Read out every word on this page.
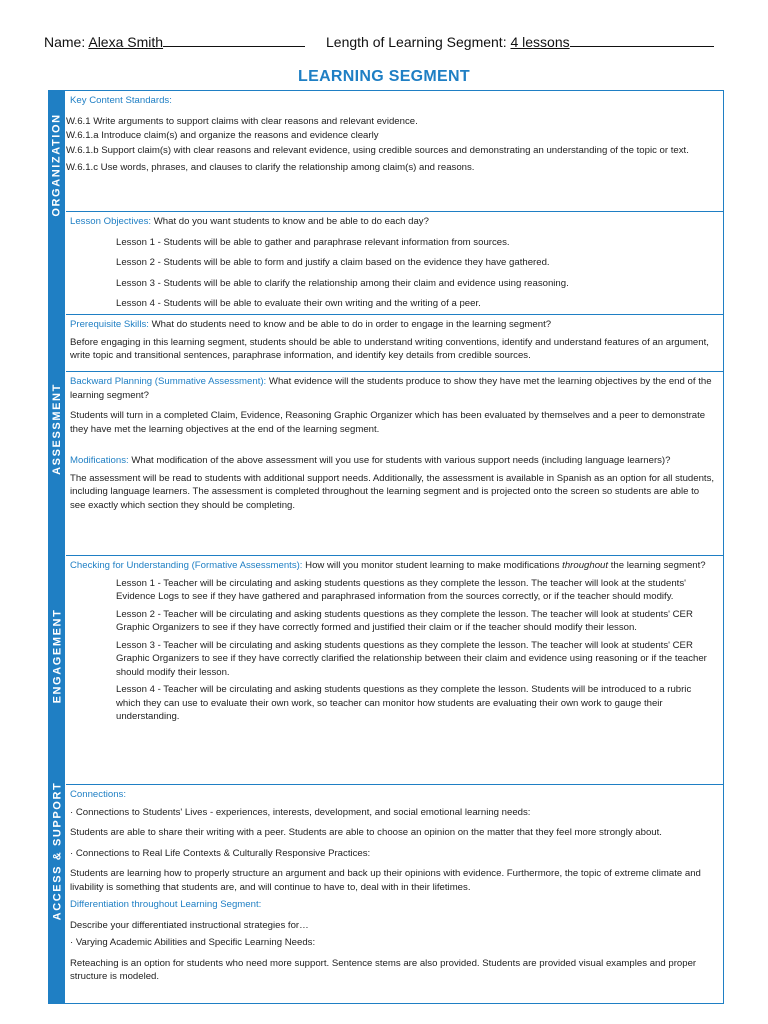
Name: Alexa Smith	Length of Learning Segment: 4 lessons
LEARNING SEGMENT
ORGANIZATION
ASSESSMENT
ENGAGEMENT
ACCESS & SUPPORT

Key Content Standards:

W.6.1 Write arguments to support claims with clear reasons and relevant evidence.

W.6.1.a Introduce claim(s) and organize the reasons and evidence clearly

W.6.1.b Support claim(s) with clear reasons and relevant evidence, using credible sources and demonstrating an understanding of the topic or text.

W.6.1.c Use words, phrases, and clauses to clarify the relationship among claim(s) and reasons.

Lesson Objectives: What do you want students to know and be able to do each day?

Lesson 1 - Students will be able to gather and paraphrase relevant information from sources.

Lesson 2 - Students will be able to form and justify a claim based on the evidence they have gathered.

Lesson 3 - Students will be able to clarify the relationship among their claim and evidence using reasoning.

Lesson 4 - Students will be able to evaluate their own writing and the writing of a peer.

Prerequisite Skills: What do students need to know and be able to do in order to engage in the learning segment?

Before engaging in this learning segment, students should be able to understand writing conventions, identify and understand features of an argument, write topic and transitional sentences, paraphrase information, and identify key details from credible sources.

Backward Planning (Summative Assessment): What evidence will the students produce to show they have met the learning objectives by the end of the learning segment?

Students will turn in a completed Claim, Evidence, Reasoning Graphic Organizer which has been evaluated by themselves and a peer to demonstrate they have met the learning objectives at the end of the learning segment.

Modifications: What modification of the above assessment will you use for students with various support needs (including language learners)?

The assessment will be read to students with additional support needs. Additionally, the assessment is available in Spanish as an option for all students, including language learners. The assessment is completed throughout the learning segment and is projected onto the screen so students are able to see exactly which section they should be completing.

Checking for Understanding (Formative Assessments): How will you monitor student learning to make modifications throughout the learning segment?

Lesson 1 - Teacher will be circulating and asking students questions as they complete the lesson. The teacher will look at the students' Evidence Logs to see if they have gathered and paraphrased information from the sources correctly, or if the teacher should modify.

Lesson 2 - Teacher will be circulating and asking students questions as they complete the lesson. The teacher will look at students' CER Graphic Organizers to see if they have correctly formed and justified their claim or if the teacher should modify their lesson.

Lesson 3 - Teacher will be circulating and asking students questions as they complete the lesson. The teacher will look at students' CER Graphic Organizers to see if they have correctly clarified the relationship between their claim and evidence using reasoning or if the teacher should modify their lesson.

Lesson 4 - Teacher will be circulating and asking students questions as they complete the lesson. Students will be introduced to a rubric which they can use to evaluate their own work, so teacher can monitor how students are evaluating their own work to gauge their understanding.

Connections:

· Connections to Students' Lives - experiences, interests, development, and social emotional learning needs:

Students are able to share their writing with a peer. Students are able to choose an opinion on the matter that they feel more strongly about.

· Connections to Real Life Contexts & Culturally Responsive Practices:

Students are learning how to properly structure an argument and back up their opinions with evidence. Furthermore, the topic of extreme climate and livability is something that students are, and will continue to have to, deal with in their lifetimes.

Differentiation throughout Learning Segment:

Describe your differentiated instructional strategies for…

· Varying Academic Abilities and Specific Learning Needs:

Reteaching is an option for students who need more support. Sentence stems are also provided. Students are provided visual examples and proper structure is modeled.
